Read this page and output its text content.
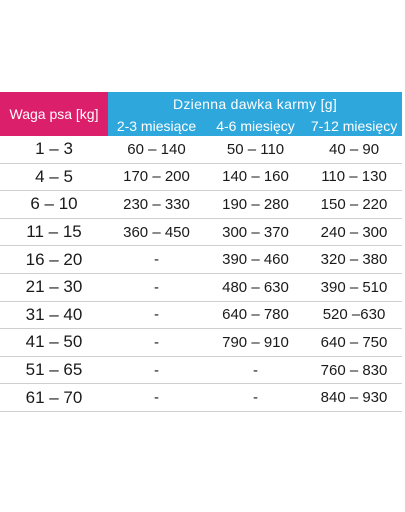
Waga psa [kg]	Dzienna dawka karmy [g]		
	2-3 miesiące	4-6 miesięcy	7-12 miesięcy
1 – 3	60 – 140	50 – 110	40 – 90
4 – 5	170 – 200	140 – 160	110 – 130
6 – 10	230 – 330	190 – 280	150 – 220
11 – 15	360 – 450	300 – 370	240 – 300
16 – 20	-	390 – 460	320 – 380
21 – 30	-	480 – 630	390 – 510
31 – 40	-	640 – 780	520 –630
41 – 50	-	790 – 910	640 – 750
51 – 65	-	-	760 – 830
61 – 70	-	-	840 – 930
